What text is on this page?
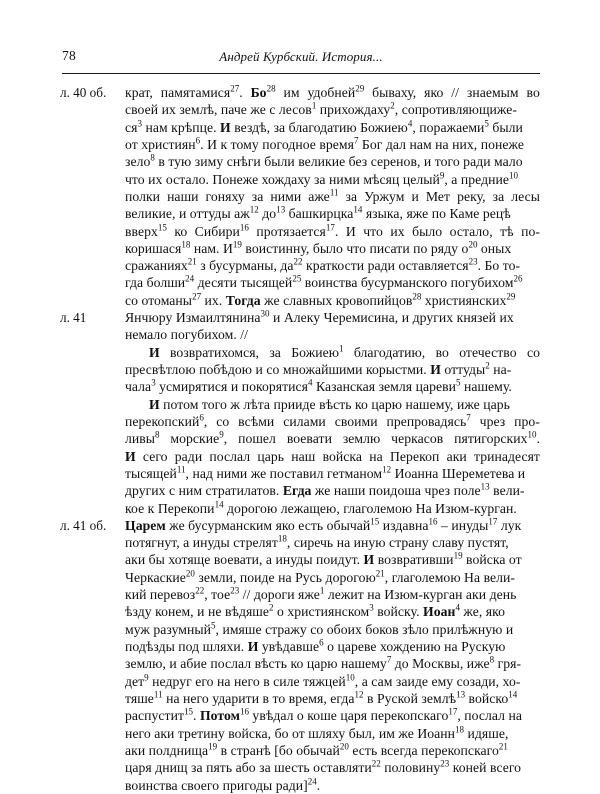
78	Андрей Курбский. История...
крат, памятамися$^{27}$. $Бо^{28}$ им удобней$^{29}$ бываху, яко // знаемым во
своей их землѣ, паче же с лесов$^1$ прихождаху$^2$, сопротивляющиже-
$ся^3$ нам крѣпце. И вездѣ, за благодатию Божиею$^4$, поражаеми$^5$ были
от християн$^6$. И к тому погодное время$^7$ Бог дал нам на них, понеже
зело$^8$ в тую зиму снѣги были великие без серенов, и того ради мало
что их остало. Понеже хождаху за ними мѣсяц целый$^9$, а предние$^{10}$
полки наши гоняху за ними аже$^{11}$ за Уржум и Мет реку, за лесы
великие, и оттуды $аж^{12}$ $до^{13}$ башкирцка$^{14}$ языка, яже по Каме рецѣ
вверх$^{15}$ ко Сибири$^{16}$ протязается$^{17}$. И что их было остало, тѣ по-
коришася$^{18}$ нам. $И^{19}$ воистинну, было что писати по ряду $о^{20}$ оных
сражаниях$^{21}$ з бусурманы, $да^{22}$ краткости ради оставляется$^{23}$. Бо то-
гда болши$^{24}$ десяти тысящей$^{25}$ воинства бусурманского погубихом$^{26}$
со отоманы$^{27}$ их. Тогда же славных кровопийцов$^{28}$ християнских$^{29}$
Янчюру Измаилтянина$^{30}$ и Алеку Черемисина, и других князей их
немало погубихом. //
И возвратихомся, за Божиею$^1$ благодатию, во отечество со
пресвѣтлою побѣдою и со множайшими корыстми. И оттуды$^2$ на-
чала$^3$ усмирятися и покорятися$^4$ Казанская земля цареви$^5$ нашему.
И потом того ж лѣта прииде вѣсть ко царю нашему, иже царь
перекопский$^6$, со всѣми силами своими препровадясь$^7$ чрез про-
ливы$^8$ морские$^9$, пошел воевати землю черкасов пятигорских$^{10}$.
И сего ради послал царь наш войска на Перекоп аки тринадесят
тысящей$^{11}$, над ними же поставил гетманом$^{12}$ Иоанна Шереметева и
других с ним стратилатов. Егда же наши поидоша чрез поле$^{13}$ вели-
кое к Перекопи$^{14}$ дорогою лежащею, глаголемою На Изюм-курган.
Царем же бусурманским яко есть обычай$^{15}$ издавна$^{16}$ – инуды$^{17}$ лук
потягнут, а инуды стрелят$^{18}$, сиречь на иную страну славу пустят,
аки бы хотяще воевати, а инуды поидут. И возвративши$^{19}$ войска от
Черкаские$^{20}$ земли, поиде на Русь дорогою$^{21}$, глаголемою На вели-
кий перевоз$^{22}$, тое$^{23}$ // дороги яже$^1$ лежит на Изюм-курган аки день
ѣзду конем, и не вѣдяше$^2$ о християнском$^3$ войску. Иоан$^4$ же, яко
муж разумный$^5$, имяше стражу со обоих боков зѣло прилѣжную и
подѣзды под шляхи. И увѣдавше$^6$ о цареве хождению на Рускую
землю, и абие послал вѣсть ко царю нашему$^7$ до Москвы, иже$^8$ гря-
дет$^9$ недруг его на него в силе тяжцей$^{10}$, а сам заиде ему созади, хо-
тяше$^{11}$ на него ударити в то время, егда$^{12}$ в Руской землѣ$^{13}$ войско$^{14}$
распустит$^{15}$. Потом$^{16}$ увѣдал о коше царя перекопскаго$^{17}$, послал на
него аки третину войска, бо от шляху был, им же Иоанн$^{18}$ идяше,
аки полднища$^{19}$ в странѣ [бо обычай$^{20}$ есть всегда перекопскаго$^{21}$
царя днищ за пять або за шесть оставляти$^{22}$ половину$^{23}$ коней всего
воинства своего пригоды ради]$^{24}$.
л. 40 об.
л. 41
л. 41 об.
